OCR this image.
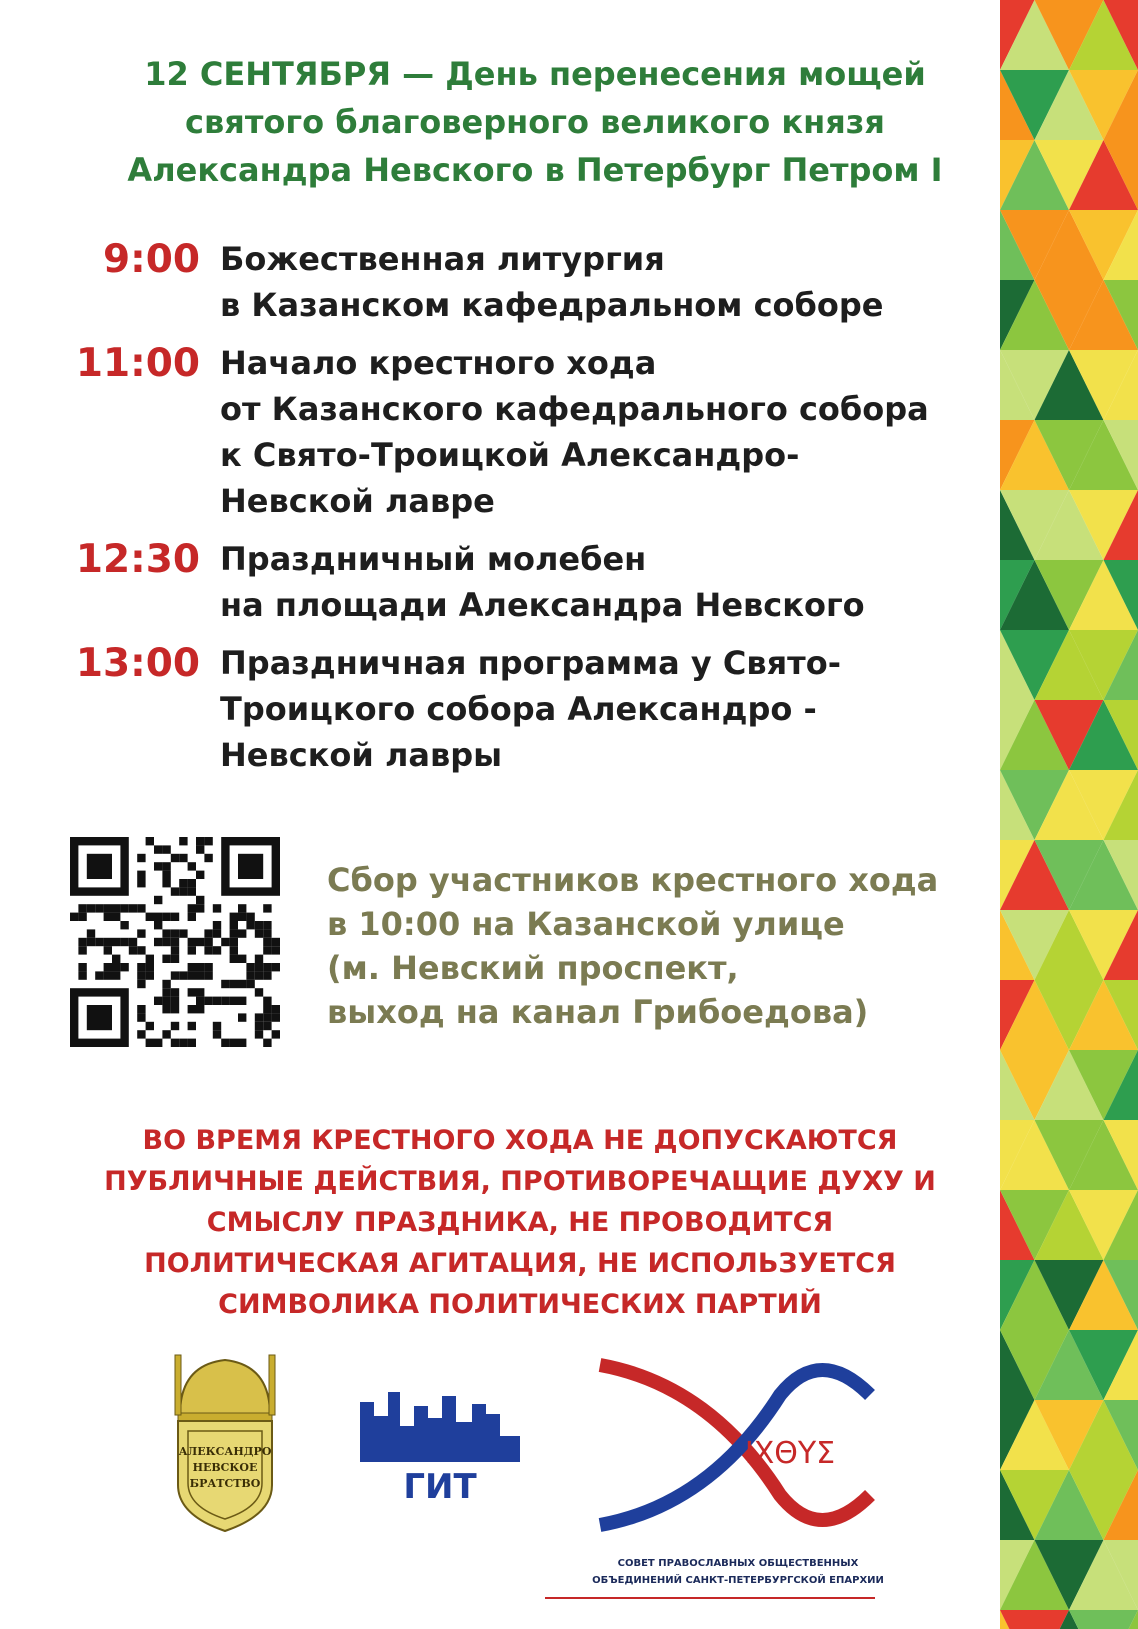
12 СЕНТЯБРЯ — День перенесения мощей
святого благоверного великого князя
Александра Невского в Петербург Петром I
9:00 Божественная литургия
в Казанском кафедральном соборе
11:00 Начало крестного хода
от Казанского кафедрального собора
к Свято-Троицкой Александро-
Невской лавре
12:30 Праздничный молебен
на площади Александра Невского
13:00 Праздничная программа у Свято-
Троицкого собора Александро -
Невской лавры
Сбор участников крестного хода
в 10:00 на Казанской улице
(м. Невский проспект,
выход на канал Грибоедова)
ВО ВРЕМЯ КРЕСТНОГО ХОДА НЕ ДОПУСКАЮТСЯ
ПУБЛИЧНЫЕ ДЕЙСТВИЯ, ПРОТИВОРЕЧАЩИЕ ДУХУ И
СМЫСЛУ ПРАЗДНИКА, НЕ ПРОВОДИТСЯ
ПОЛИТИЧЕСКАЯ АГИТАЦИЯ, НЕ ИСПОЛЬЗУЕТСЯ
СИМВОЛИКА ПОЛИТИЧЕСКИХ ПАРТИЙ
АЛЕКСАНДРО
НЕВСКОЕ
БРАТСТВО	ГИТ
ΙΧΘΥΣ
СОВЕТ ПРАВОСЛАВНЫХ ОБЩЕСТВЕННЫХ
ОБЪЕДИНЕНИЙ САНКТ-ПЕТЕРБУРГСКОЙ ЕПАРХИИ
